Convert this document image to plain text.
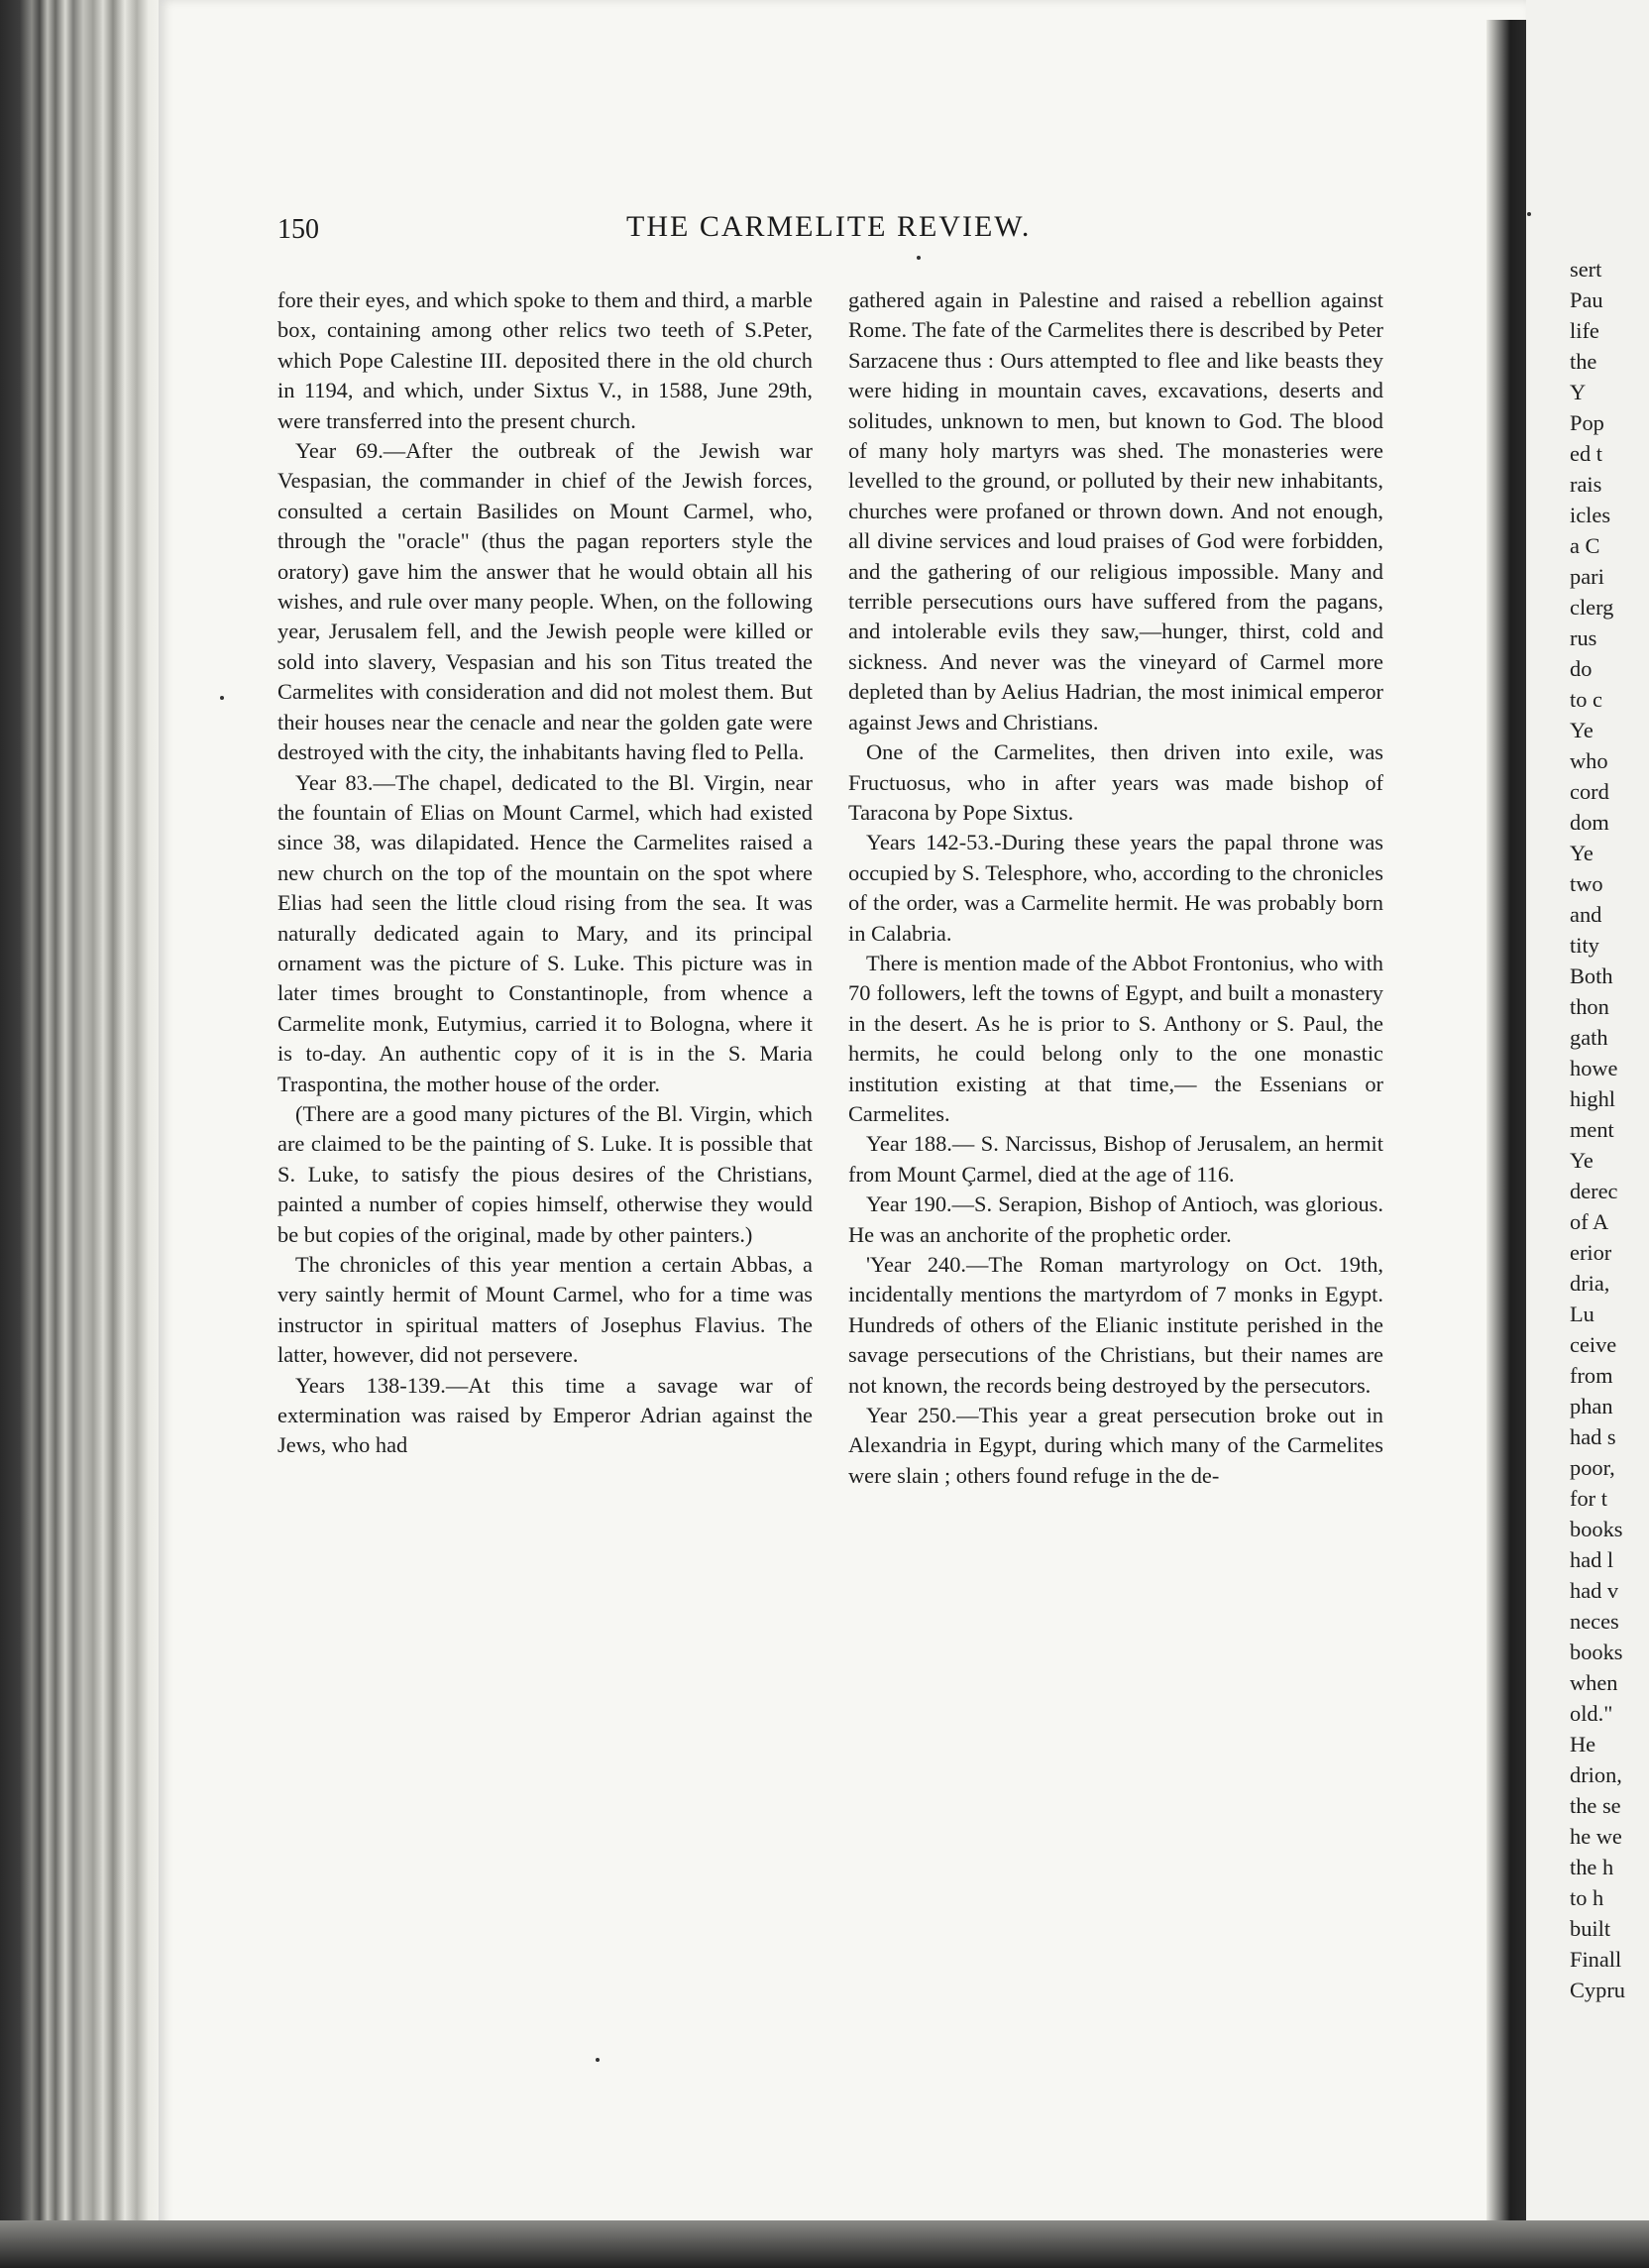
150	THE CARMELITE REVIEW.

fore their eyes, and which spoke to them and third, a marble box, containing among other relics two teeth of S.Peter, which Pope Calestine III. deposited there in the old church in 1194, and which, under Sixtus V., in 1588, June 29th, were transferred into the present church.

Year 69.—After the outbreak of the Jewish war Vespasian, the commander in chief of the Jewish forces, consulted a certain Basilides on Mount Carmel, who, through the "oracle" (thus the pagan reporters style the oratory) gave him the answer that he would obtain all his wishes, and rule over many people. When, on the following year, Jerusalem fell, and the Jewish people were killed or sold into slavery, Vespasian and his son Titus treated the Carmelites with consideration and did not molest them. But their houses near the cenacle and near the golden gate were destroyed with the city, the inhabitants having fled to Pella.

Year 83.—The chapel, dedicated to the Bl. Virgin, near the fountain of Elias on Mount Carmel, which had existed since 38, was dilapidated. Hence the Carmelites raised a new church on the top of the mountain on the spot where Elias had seen the little cloud rising from the sea. It was naturally dedicated again to Mary, and its principal ornament was the picture of S. Luke. This picture was in later times brought to Constantinople, from whence a Carmelite monk, Eutymius, carried it to Bologna, where it is to-day. An authentic copy of it is in the S. Maria Traspontina, the mother house of the order.

(There are a good many pictures of the Bl. Virgin, which are claimed to be the painting of S. Luke. It is possible that S. Luke, to satisfy the pious desires of the Christians, painted a number of copies himself, otherwise they would be but copies of the original, made by other painters.)

The chronicles of this year mention a certain Abbas, a very saintly hermit of Mount Carmel, who for a time was instructor in spiritual matters of Josephus Flavius. The latter, however, did not persevere.

Years 138-139.—At this time a savage war of extermination was raised by Emperor Adrian against the Jews, who had

gathered again in Palestine and raised a rebellion against Rome. The fate of the Carmelites there is described by Peter Sarzacene thus : Ours attempted to flee and like beasts they were hiding in mountain caves, excavations, deserts and solitudes, unknown to men, but known to God. The blood of many holy martyrs was shed. The monasteries were levelled to the ground, or polluted by their new inhabitants, churches were profaned or thrown down. And not enough, all divine services and loud praises of God were forbidden, and the gathering of our religious impossible. Many and terrible persecutions ours have suffered from the pagans, and intolerable evils they saw,—hunger, thirst, cold and sickness. And never was the vineyard of Carmel more depleted than by Aelius Hadrian, the most inimical emperor against Jews and Christians.

One of the Carmelites, then driven into exile, was Fructuosus, who in after years was made bishop of Taracona by Pope Sixtus.

Years 142-53.-During these years the papal throne was occupied by S. Telesphore, who, according to the chronicles of the order, was a Carmelite hermit. He was probably born in Calabria.

There is mention made of the Abbot Frontonius, who with 70 followers, left the towns of Egypt, and built a monastery in the desert. As he is prior to S. Anthony or S. Paul, the hermits, he could belong only to the one monastic institution existing at that time,— the Essenians or Carmelites.

Year 188.— S. Narcissus, Bishop of Jerusalem, an hermit from Mount Çarmel, died at the age of 116.

Year 190.—S. Serapion, Bishop of Antioch, was glorious. He was an anchorite of the prophetic order.

'Year 240.—The Roman martyrology on Oct. 19th, incidentally mentions the martyrdom of 7 monks in Egypt. Hundreds of others of the Elianic institute perished in the savage persecutions of the Christians, but their names are not known, the records being destroyed by the persecutors.

Year 250.—This year a great persecution broke out in Alexandria in Egypt, during which many of the Carmelites were slain ; others found refuge in the de-

sert
Pau
life
the
Y
Pop
ed t
rais
icles
a C
pari
clerg
rus
do
to c
Ye
who
cord
dom
Ye
two
and
tity
Both
thon
gath
howe
highl
ment
Ye
derec
of A
erior
dria,
Lu
ceive
from
phan
had s
poor,
for t
books
had l
had v
neces
books
when
old."
He
drion,
the se
he we
the h
to h
built
Finall
Cypru
